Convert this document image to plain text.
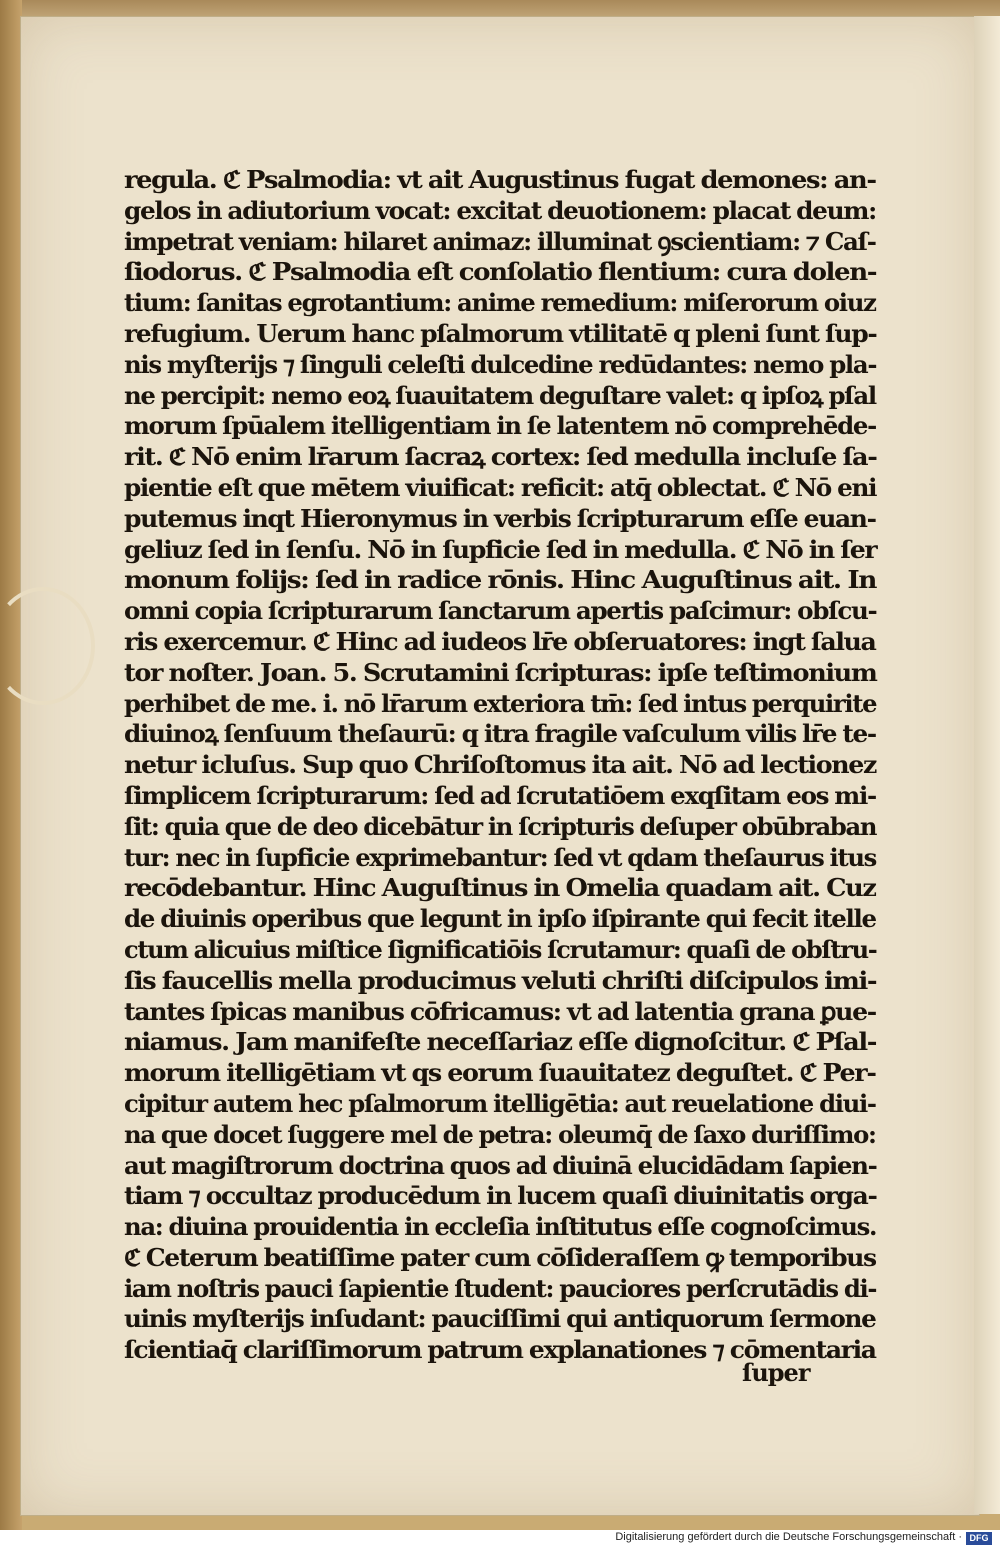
regula. ℭ Psalmodia: vt ait Augustinus fugat demones: an-
gelos in adiutorium vocat: excitat deuotionem: placat deum:
impetrat veniam: hilaret animaz: illuminat ꝯscientiam: ⁊ Caſ-
ſiodorus. ℭ Psalmodia eſt conſolatio flentium: cura dolen-
tium: ſanitas egrotantium: anime remedium: miſerorum oiuz
refugium. Uerum hanc pſalmorum vtilitatē q pleni ſunt ſup-
nis myſterijs ⁊ ſinguli celeſti dulcedine redūdantes: nemo pla-
ne percipit: nemo eoꝝ ſuauitatem deguſtare valet: q ipſoꝝ pſal
morum ſpūalem itelligentiam in ſe latentem nō comprehēde-
rit. ℭ Nō enim lr̄arum ſacraꝝ cortex: ſed medulla incluſe ſa-
pientie eſt que mētem viuificat: reficit: atq̄ oblectat. ℭ Nō eni
putemus inqt Hieronymus in verbis ſcripturarum eſſe euan-
geliuz ſed in ſenſu. Nō in ſupficie ſed in medulla. ℭ Nō in ſer
monum folijs: ſed in radice rōnis. Hinc Auguſtinus ait. In
omni copia ſcripturarum ſanctarum apertis paſcimur: obſcu-
ris exercemur. ℭ Hinc ad iudeos lr̄e obſeruatores: ingt ſalua
tor noſter. Joan. 5. Scrutamini ſcripturas: ipſe teſtimonium
perhibet de me. i. nō lr̄arum exteriora tm̄: ſed intus perquirite
diuinoꝝ ſenſuum theſaurū: q itra fragile vaſculum vilis lr̄e te-
netur icluſus. Sup quo Chriſoſtomus ita ait. Nō ad lectionez
ſimplicem ſcripturarum: ſed ad ſcrutatiōem exqſitam eos mi-
ſit: quia que de deo dicebātur in ſcripturis deſuper obūbraban
tur: nec in ſupficie exprimebantur: ſed vt qdam theſaurus itus
recōdebantur. Hinc Auguſtinus in Omelia quadam ait. Cuz
de diuinis operibus que legunt in ipſo iſpirante qui fecit itelle
ctum alicuius miſtice ſignificatiōis ſcrutamur: quaſi de obſtru-
ſis faucellis mella producimus veluti chriſti diſcipulos imi-
tantes ſpicas manibus cōfricamus: vt ad latentia grana ꝑue-
niamus. Jam manifeſte neceſſariaz eſſe dignoſcitur. ℭ Pſal-
morum itelligētiam vt qs eorum ſuauitatez deguſtet. ℭ Per-
cipitur autem hec pſalmorum itelligētia: aut reuelatione diui-
na que docet ſuggere mel de petra: oleumq̄ de ſaxo duriſſimo:
aut magiſtrorum doctrina quos ad diuinā elucidādam ſapien-
tiam ⁊ occultaz producēdum in lucem quaſi diuinitatis orga-
na: diuina prouidentia in eccleſia inſtitutus eſſe cognoſcimus.
ℭ Ceterum beatiſſime pater cum cōſideraſſem ꝙ temporibus
iam noſtris pauci ſapientie ſtudent: pauciores perſcrutādis di-
uinis myſterijs inſudant: pauciſſimi qui antiquorum ſermone
ſcientiaq̄ clariſſimorum patrum explanationes ⁊ cōmentaria
ſuper
Digitalisierung gefördert durch die Deutsche Forschungsgemeinschaft · DFG
